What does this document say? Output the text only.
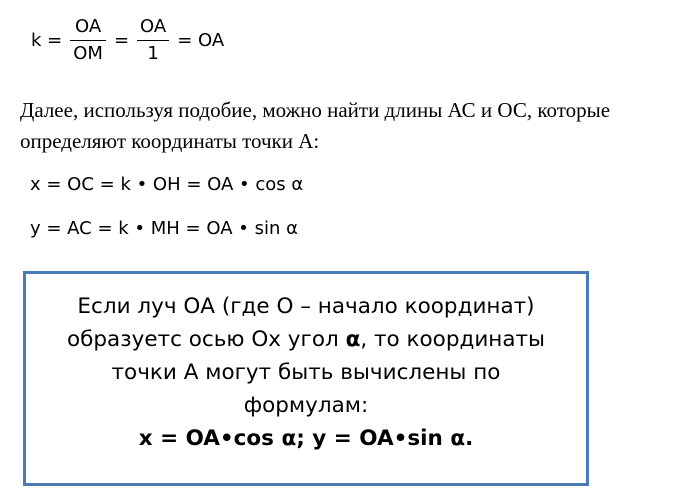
$k = \frac{OA}{OM} = \frac{OA}{1}$ = OA
Далее, используя подобие, можно найти длины АС и ОС, которые определяют координаты точки А:
x = OC = k • OH = OA • cos α
y = AC = k • MH = OA • sin α
Если луч ОА (где О – начало координат)
образуетс осью Ох угол α, то координаты
точки А могут быть вычислены по
формулам:
x = OA•cos α; y = OA•sin α.
